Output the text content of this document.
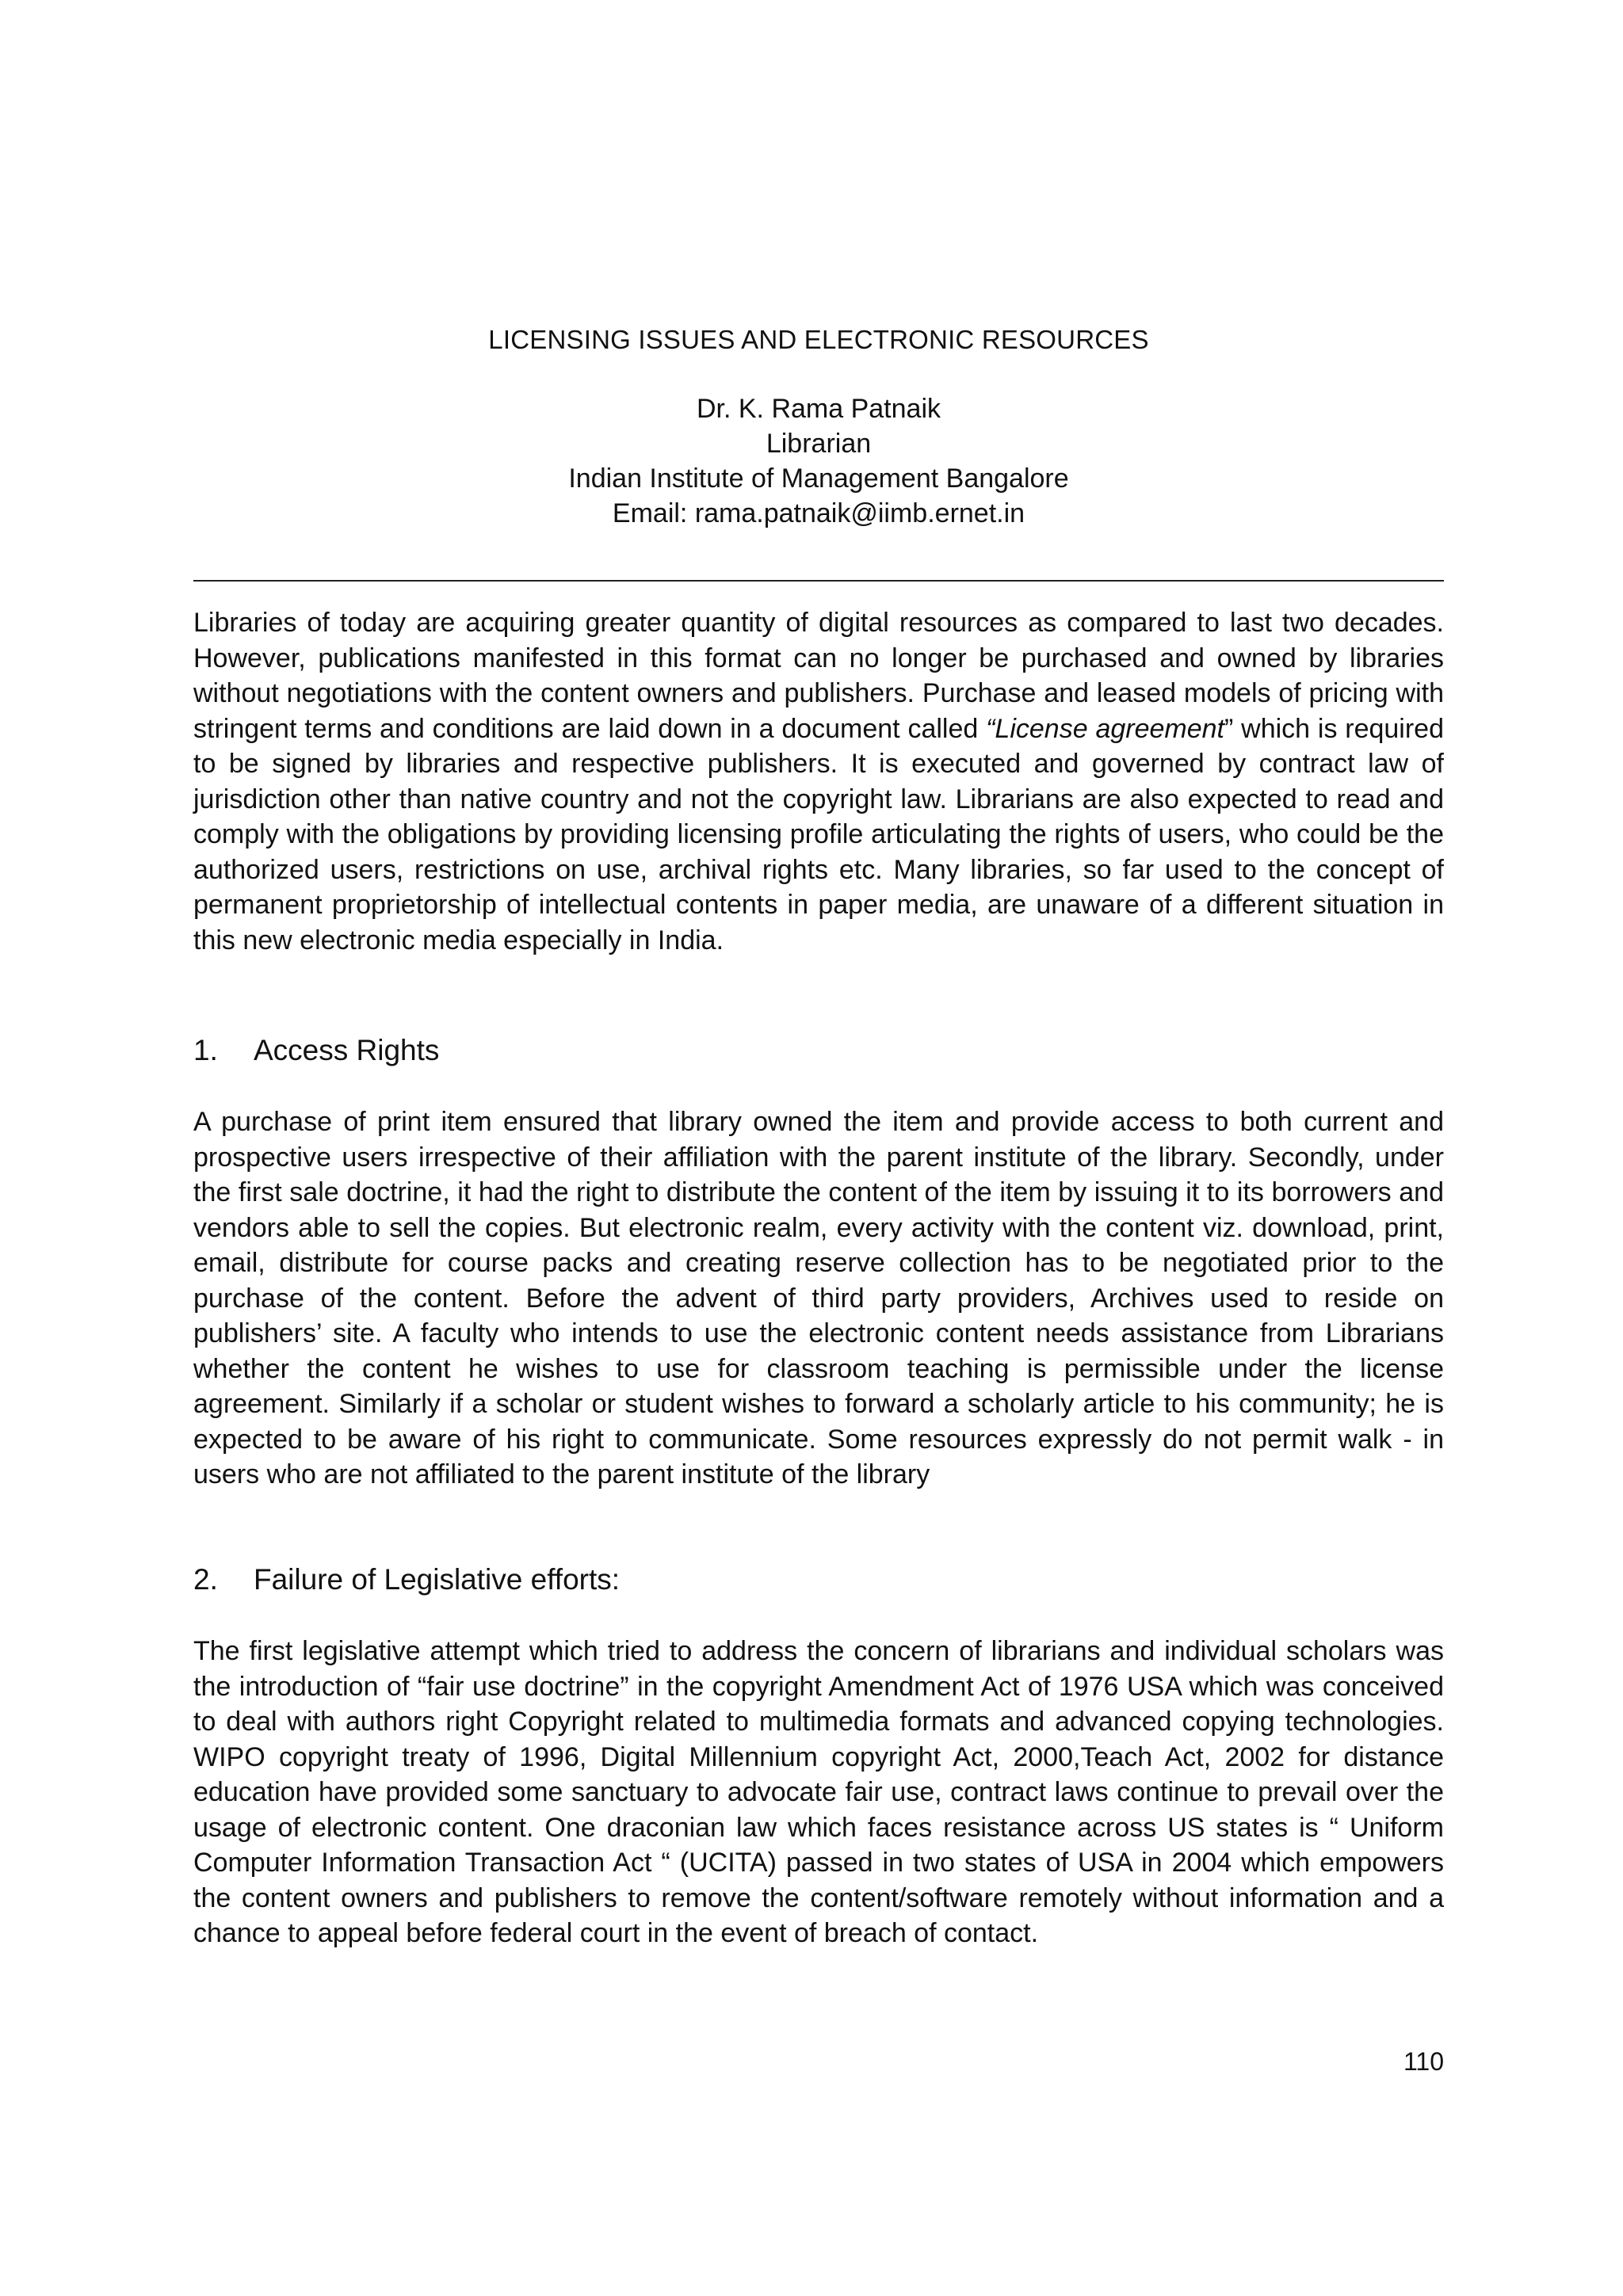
LICENSING ISSUES AND ELECTRONIC RESOURCES
Dr. K. Rama Patnaik
Librarian
Indian Institute of Management Bangalore
Email: rama.patnaik@iimb.ernet.in

Libraries of today are acquiring greater quantity of digital resources as compared to last two decades. However, publications manifested in this format can no longer be purchased and owned by libraries without negotiations with the content owners and publishers. Purchase and leased models of pricing with stringent terms and conditions are laid down in a document called “License agreement” which is required to be signed by libraries and respective publishers. It is executed and governed by contract law of jurisdiction other than native country and not the copyright law. Librarians are also expected to read and comply with the obligations by providing licensing profile articulating the rights of users, who could be the authorized users, restrictions on use, archival rights etc. Many libraries, so far used to the concept of permanent proprietorship of intellectual contents in paper media, are unaware of a different situation in this new electronic media especially in India.

1. Access Rights

A purchase of print item ensured that library owned the item and provide access to both current and prospective users irrespective of their affiliation with the parent institute of the library. Secondly, under the first sale doctrine, it had the right to distribute the content of the item by issuing it to its borrowers and vendors able to sell the copies. But electronic realm, every activity with the content viz. download, print, email, distribute for course packs and creating reserve collection has to be negotiated prior to the purchase of the content. Before the advent of third party providers, Archives used to reside on publishers’ site. A faculty who intends to use the electronic content needs assistance from Librarians whether the content he wishes to use for classroom teaching is permissible under the license agreement. Similarly if a scholar or student wishes to forward a scholarly article to his community; he is expected to be aware of his right to communicate. Some resources expressly do not permit walk - in users who are not affiliated to the parent institute of the library

2. Failure of Legislative efforts:

The first legislative attempt which tried to address the concern of librarians and individual scholars was the introduction of “fair use doctrine” in the copyright Amendment Act of 1976 USA which was conceived to deal with authors right Copyright related to multimedia formats and advanced copying technologies. WIPO copyright treaty of 1996, Digital Millennium copyright Act, 2000,Teach Act, 2002 for distance education have provided some sanctuary to advocate fair use, contract laws continue to prevail over the usage of electronic content. One draconian law which faces resistance across US states is “ Uniform Computer Information Transaction Act “ (UCITA) passed in two states of USA in 2004 which empowers the content owners and publishers to remove the content/software remotely without information and a chance to appeal before federal court in the event of breach of contact.

110
